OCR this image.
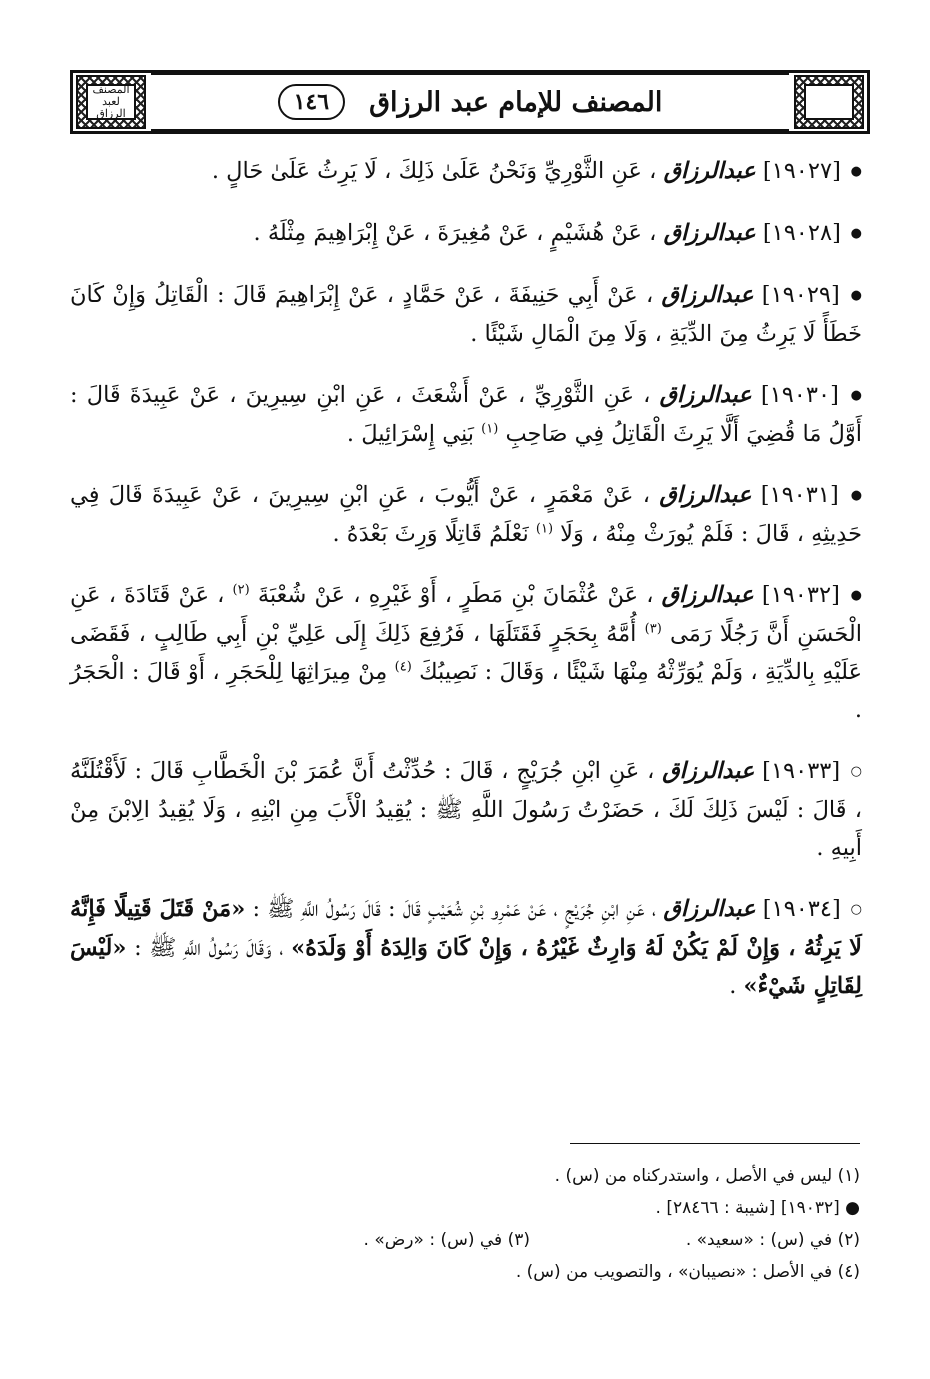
المصنف لعبد الرزاق	المصنف للإمام عبد الرزاق
١٤٦

● [١٩٠٢٧] عبدالرزاق ، عَنِ الثَّوْرِيِّ وَنَحْنُ عَلَىٰ ذَلِكَ ، لَا يَرِثُ عَلَىٰ حَالٍ .

● [١٩٠٢٨] عبدالرزاق ، عَنْ هُشَيْمٍ ، عَنْ مُغِيرَةَ ، عَنْ إِبْرَاهِيمَ مِثْلَهُ .

● [١٩٠٢٩] عبدالرزاق ، عَنْ أَبِي حَنِيفَةَ ، عَنْ حَمَّادٍ ، عَنْ إِبْرَاهِيمَ قَالَ : الْقَاتِلُ وَإِنْ كَانَ خَطَأً لَا يَرِثُ مِنَ الدِّيَةِ ، وَلَا مِنَ الْمَالِ شَيْئًا .

● [١٩٠٣٠] عبدالرزاق ، عَنِ الثَّوْرِيِّ ، عَنْ أَشْعَثَ ، عَنِ ابْنِ سِيرِينَ ، عَنْ عَبِيدَةَ قَالَ : أَوَّلُ مَا قُضِيَ أَلَّا يَرِثَ الْقَاتِلُ فِي صَاحِبِ $^{(١)}$ بَنِي إِسْرَائِيلَ .

● [١٩٠٣١] عبدالرزاق ، عَنْ مَعْمَرٍ ، عَنْ أَيُّوبَ ، عَنِ ابْنِ سِيرِينَ ، عَنْ عَبِيدَةَ قَالَ فِي حَدِيثِهِ ، قَالَ : فَلَمْ يُورَثْ مِنْهُ ، وَلَا $^{(١)}$ نَعْلَمُ قَاتِلًا وَرِثَ بَعْدَهُ .

● [١٩٠٣٢] عبدالرزاق ، عَنْ عُثْمَانَ بْنِ مَطَرٍ ، أَوْ غَيْرِهِ ، عَنْ شُعْبَةَ $^{(٢)}$ ، عَنْ قَتَادَةَ ، عَنِ الْحَسَنِ أَنَّ رَجُلًا رَمَى $^{(٣)}$ أُمَّهُ بِحَجَرٍ فَقَتَلَهَا ، فَرُفِعَ ذَلِكَ إِلَى عَلِيِّ بْنِ أَبِي طَالِبٍ ، فَقَضَى عَلَيْهِ بِالدِّيَةِ ، وَلَمْ يُوَرِّثْهُ مِنْهَا شَيْئًا ، وَقَالَ : نَصِيبُكَ $^{(٤)}$ مِنْ مِيرَاثِهَا لِلْحَجَرِ ، أَوْ قَالَ : الْحَجَرُ .

○ [١٩٠٣٣] عبدالرزاق ، عَنِ ابْنِ جُرَيْجٍ ، قَالَ : حُدِّثْتُ أَنَّ عُمَرَ بْنَ الْخَطَّابِ قَالَ : لَأَقْتُلَنَّهُ ، قَالَ : لَيْسَ ذَلِكَ لَكَ ، حَضَرْتُ رَسُولَ اللَّهِ ﷺ : يُقِيدُ الْأَبَ مِنِ ابْنِهِ ، وَلَا يُقِيدُ الِابْنَ مِنْ أَبِيهِ .

○ [١٩٠٣٤] عبدالرزاق ، عَنِ ابْنِ جُرَيْجٍ ، عَنْ عَمْرِو بْنِ شُعَيْبٍ قَالَ : قَالَ رَسُولُ اللَّهِ ﷺ : «مَنْ قَتَلَ قَتِيلًا فَإِنَّهُ لَا يَرِثُهُ ، وَإِنْ لَمْ يَكُنْ لَهُ وَارِثٌ غَيْرُهُ ، وَإِنْ كَانَ وَالِدَهُ أَوْ وَلَدَهُ» ، وَقَالَ رَسُولُ اللَّهِ ﷺ : «لَيْسَ لِقَاتِلٍ شَيْءٌ» .

(١) ليس في الأصل ، واستدركناه من (س) .
● [١٩٠٣٢] [شيبة : ٢٨٤٦٦] .
(٢) في (س) : «سعيد» .
(٣) في (س) : «رض» .
(٤) في الأصل : «نصيبان» ، والتصويب من (س) .
